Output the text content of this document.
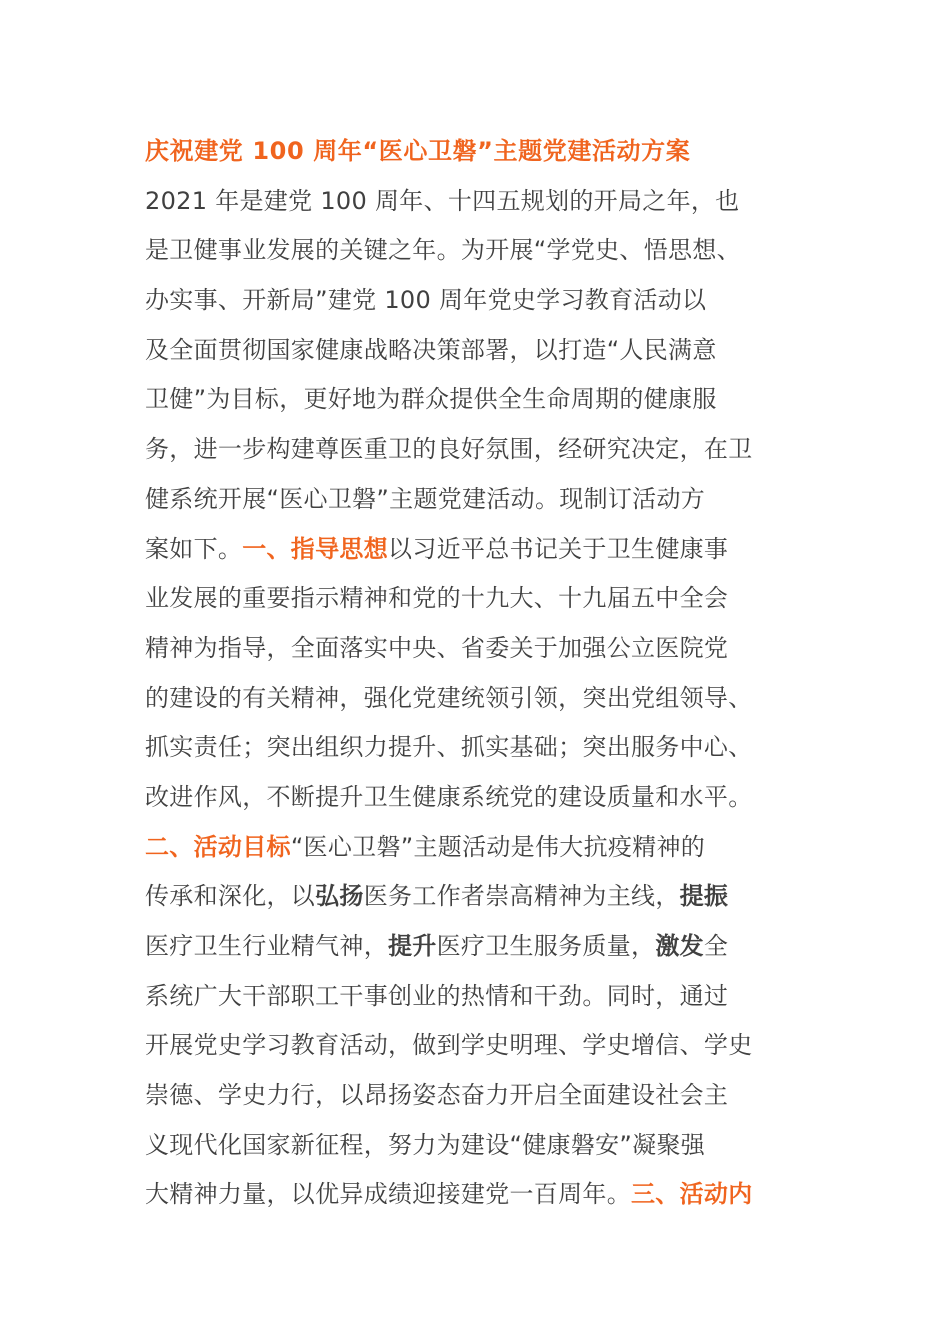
庆祝建党 100 周年“医心卫磐”主题党建活动方案
2021 年是建党 100 周年、十四五规划的开局之年，也
是卫健事业发展的关键之年。为开展“学党史、悟思想、
办实事、开新局”建党 100 周年党史学习教育活动以
及全面贯彻国家健康战略决策部署，以打造“人民满意
卫健”为目标，更好地为群众提供全生命周期的健康服
务，进一步构建尊医重卫的良好氛围，经研究决定，在卫
健系统开展“医心卫磐”主题党建活动。现制订活动方
案如下。一、指导思想以习近平总书记关于卫生健康事
业发展的重要指示精神和党的十九大、十九届五中全会
精神为指导，全面落实中央、省委关于加强公立医院党
的建设的有关精神，强化党建统领引领，突出党组领导、
抓实责任；突出组织力提升、抓实基础；突出服务中心、
改进作风，不断提升卫生健康系统党的建设质量和水平。
二、活动目标“医心卫磐”主题活动是伟大抗疫精神的
传承和深化，以弘扬医务工作者崇高精神为主线，提振
医疗卫生行业精气神，提升医疗卫生服务质量，激发全
系统广大干部职工干事创业的热情和干劲。同时，通过
开展党史学习教育活动，做到学史明理、学史增信、学史
崇德、学史力行，以昂扬姿态奋力开启全面建设社会主
义现代化国家新征程，努力为建设“健康磐安”凝聚强
大精神力量，以优异成绩迎接建党一百周年。三、活动内
